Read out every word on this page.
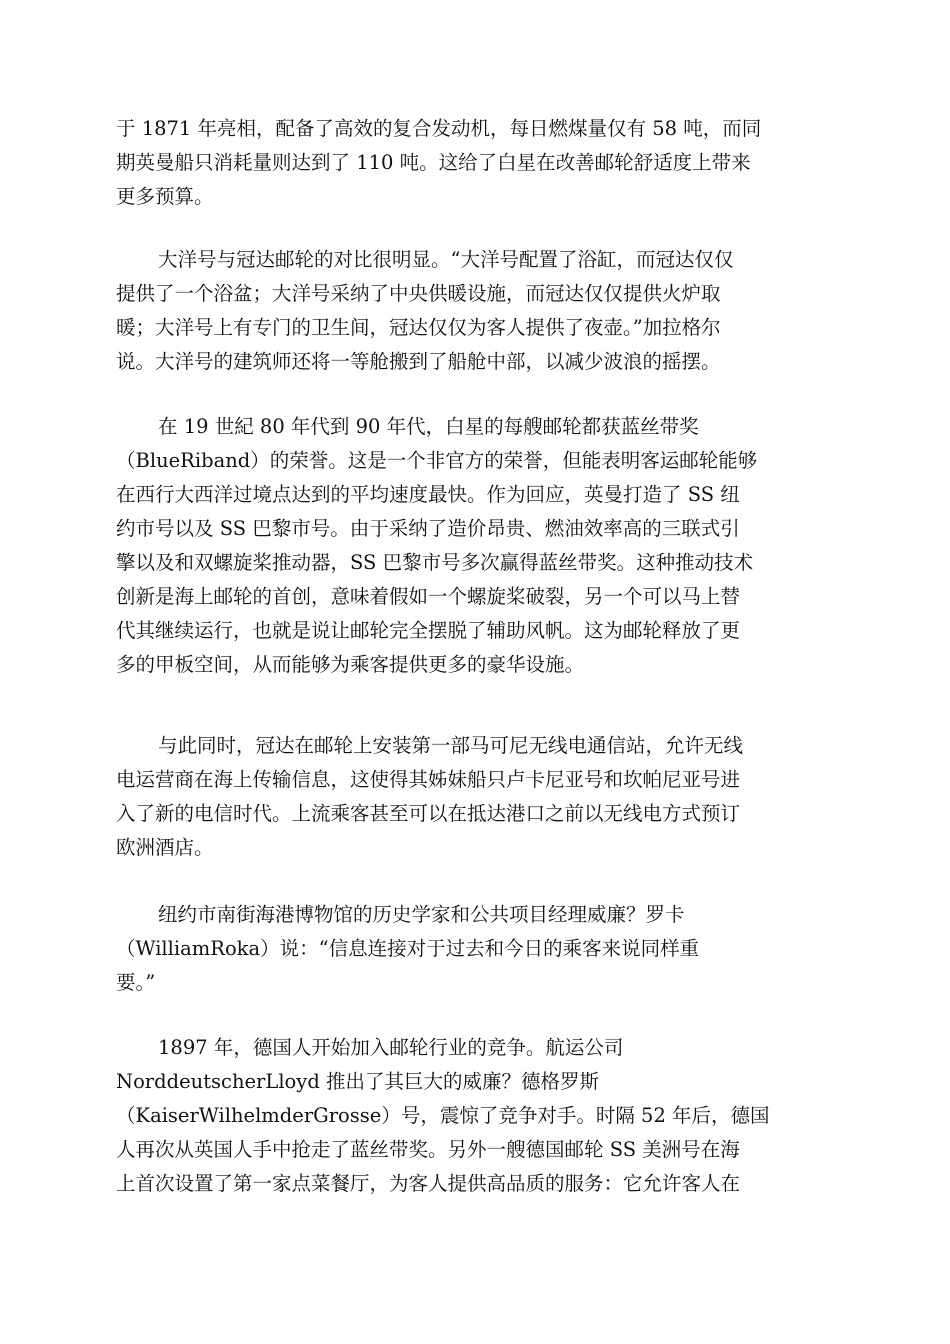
于 1871 年亮相，配备了高效的复合发动机，每日燃煤量仅有 58 吨，而同
期英曼船只消耗量则达到了 110 吨。这给了白星在改善邮轮舒适度上带来
更多预算。

大洋号与冠达邮轮的对比很明显。“大洋号配置了浴缸，而冠达仅仅
提供了一个浴盆；大洋号采纳了中央供暖设施，而冠达仅仅提供火炉取
暖；大洋号上有专门的卫生间，冠达仅仅为客人提供了夜壶。”加拉格尔
说。大洋号的建筑师还将一等舱搬到了船舱中部，以减少波浪的摇摆。

在 19 世紀 80 年代到 90 年代，白星的每艘邮轮都获蓝丝带奖
（BlueRiband）的荣誉。这是一个非官方的荣誉，但能表明客运邮轮能够
在西行大西洋过境点达到的平均速度最快。作为回应，英曼打造了 SS 纽
约市号以及 SS 巴黎市号。由于采纳了造价昂贵、燃油效率高的三联式引
擎以及和双螺旋桨推动器，SS 巴黎市号多次赢得蓝丝带奖。这种推动技术
创新是海上邮轮的首创，意味着假如一个螺旋桨破裂，另一个可以马上替
代其继续运行，也就是说让邮轮完全摆脱了辅助风帆。这为邮轮释放了更
多的甲板空间，从而能够为乘客提供更多的豪华设施。

与此同时，冠达在邮轮上安装第一部马可尼无线电通信站，允许无线
电运营商在海上传输信息，这使得其姊妹船只卢卡尼亚号和坎帕尼亚号进
入了新的电信时代。上流乘客甚至可以在抵达港口之前以无线电方式预订
欧洲酒店。

纽约市南街海港博物馆的历史学家和公共项目经理威廉？罗卡
（WilliamRoka）说：“信息连接对于过去和今日的乘客来说同样重
要。”

1897 年，德国人开始加入邮轮行业的竞争。航运公司
NorddeutscherLloyd 推出了其巨大的威廉？德格罗斯
（KaiserWilhelmderGrosse）号，震惊了竞争对手。时隔 52 年后，德国
人再次从英国人手中抢走了蓝丝带奖。另外一艘德国邮轮 SS 美洲号在海
上首次设置了第一家点菜餐厅，为客人提供高品质的服务：它允许客人在
